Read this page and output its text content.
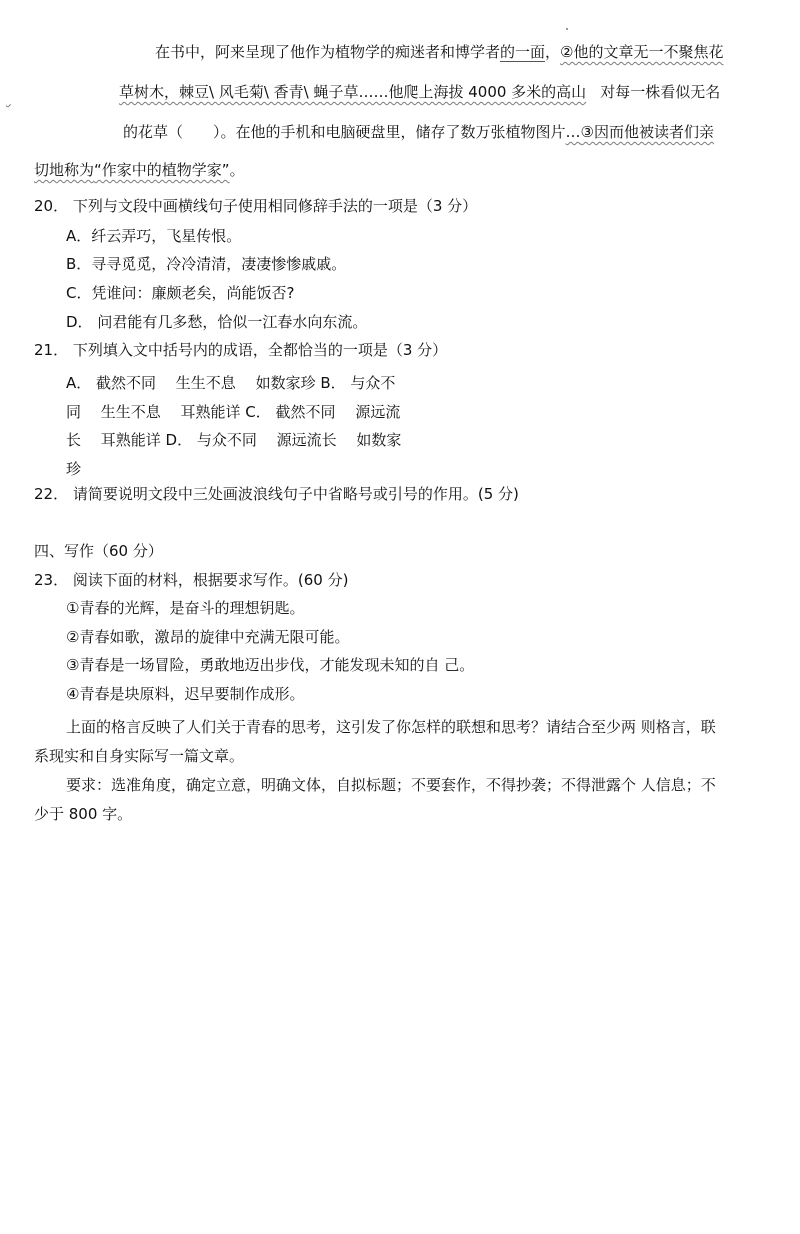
在书中，阿来呈现了他作为植物学的痴迷者和博学者的一面，②他的文章无一不聚焦花

草树木，棘豆\ 风毛菊\ 香青\ 蝇子草……他爬上海拔 4000 多米的高山 对每一株看似无名
的花草（　　）。在他的手机和电脑硬盘里，储存了数万张植物图片…③因而他被读者们亲
切地称为“作家中的植物学家”。
20． 下列与文段中画横线句子使用相同修辞手法的一项是（3 分）
A．纤云弄巧，飞星传恨。
B．寻寻觅觅，冷冷清清，凄凄惨惨戚戚。
C．凭谁问：廉颇老矣，尚能饭否?
D． 问君能有几多愁，恰似一江春水向东流。
21． 下列填入文中括号内的成语，全都恰当的一项是（3 分）
A． 截然不同　 生生不息　 如数家珍 B． 与众不
同　 生生不息　 耳熟能详 C． 截然不同　 源远流
长　 耳熟能详 D． 与众不同　 源远流长　 如数家
珍
22． 请简要说明文段中三处画波浪线句子中省略号或引号的作用。(5 分)
四、写作（60 分）
23． 阅读下面的材料，根据要求写作。(60 分)
①青春的光辉，是奋斗的理想钥匙。
②青春如歌，激昂的旋律中充满无限可能。
③青春是一场冒险，勇敢地迈出步伐，才能发现未知的自 己。
④青春是块原料，迟早要制作成形。
上面的格言反映了人们关于青春的思考，这引发了你怎样的联想和思考？请结合至少两 则格言，联
系现实和自身实际写一篇文章。
要求：选准角度，确定立意，明确文体，自拟标题；不要套作，不得抄袭；不得泄露个 人信息；不
少于 800 字。
